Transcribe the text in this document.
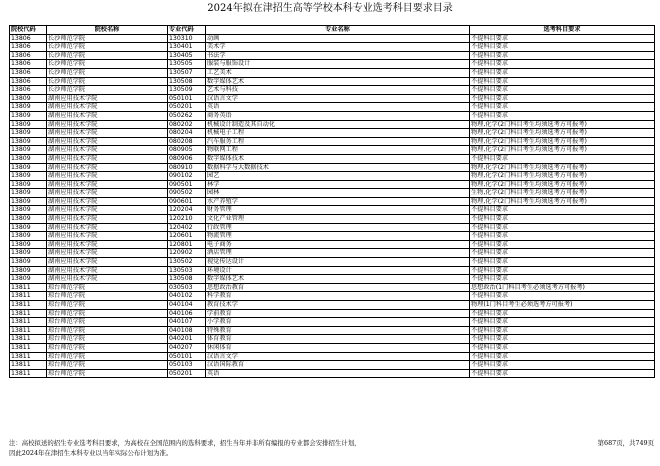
2024年拟在津招生高等学校本科专业选考科目要求目录
院校代码	院校名称	专业代码	专业名称	选考科目要求
13806	长沙师范学院	130310	动画	不提科目要求
13806	长沙师范学院	130401	美术学	不提科目要求
13806	长沙师范学院	130405	书法学	不提科目要求
13806	长沙师范学院	130505	服装与服饰设计	不提科目要求
13806	长沙师范学院	130507	工艺美术	不提科目要求
13806	长沙师范学院	130508	数字媒体艺术	不提科目要求
13806	长沙师范学院	130509	艺术与科技	不提科目要求
13809	湖南应用技术学院	050101	汉语言文学	不提科目要求
13809	湖南应用技术学院	050201	英语	不提科目要求
13809	湖南应用技术学院	050262	商务英语	不提科目要求
13809	湖南应用技术学院	080202	机械设计制造及其自动化	物理,化学(2门科目考生均须选考方可报考)
13809	湖南应用技术学院	080204	机械电子工程	物理,化学(2门科目考生均须选考方可报考)
13809	湖南应用技术学院	080208	汽车服务工程	物理,化学(2门科目考生均须选考方可报考)
13809	湖南应用技术学院	080905	物联网工程	物理,化学(2门科目考生均须选考方可报考)
13809	湖南应用技术学院	080906	数字媒体技术	不提科目要求
13809	湖南应用技术学院	080910	数据科学与大数据技术	物理,化学(2门科目考生均须选考方可报考)
13809	湖南应用技术学院	090102	园艺	物理,化学(2门科目考生均须选考方可报考)
13809	湖南应用技术学院	090501	林学	物理,化学(2门科目考生均须选考方可报考)
13809	湖南应用技术学院	090502	园林	生物,化学(2门科目考生均须选考方可报考)
13809	湖南应用技术学院	090601	水产养殖学	物理,化学(2门科目考生均须选考方可报考)
13809	湖南应用技术学院	120204	财务管理	不提科目要求
13809	湖南应用技术学院	120210	文化产业管理	不提科目要求
13809	湖南应用技术学院	120402	行政管理	不提科目要求
13809	湖南应用技术学院	120601	物流管理	不提科目要求
13809	湖南应用技术学院	120801	电子商务	不提科目要求
13809	湖南应用技术学院	120902	酒店管理	不提科目要求
13809	湖南应用技术学院	130502	视觉传达设计	不提科目要求
13809	湖南应用技术学院	130503	环境设计	不提科目要求
13809	湖南应用技术学院	130508	数字媒体艺术	不提科目要求
13811	琼台师范学院	030503	思想政治教育	思想政治(1门科目考生必须选考方可报考)
13811	琼台师范学院	040102	科学教育	不提科目要求
13811	琼台师范学院	040104	教育技术学	物理(1门科目考生必须选考方可报考)
13811	琼台师范学院	040106	学前教育	不提科目要求
13811	琼台师范学院	040107	小学教育	不提科目要求
13811	琼台师范学院	040108	特殊教育	不提科目要求
13811	琼台师范学院	040201	体育教育	不提科目要求
13811	琼台师范学院	040207	休闲体育	不提科目要求
13811	琼台师范学院	050101	汉语言文学	不提科目要求
13811	琼台师范学院	050103	汉语国际教育	不提科目要求
13811	琼台师范学院	050201	英语	不提科目要求
注：高校拟送的招生专业选考科目要求，为高校在全国范围内的选科要求，招生当年并非所有编报的专业都会安排招生计划，
因此2024年在津招生本科专业以当年实际公布计划为准。
第687页，共749页
